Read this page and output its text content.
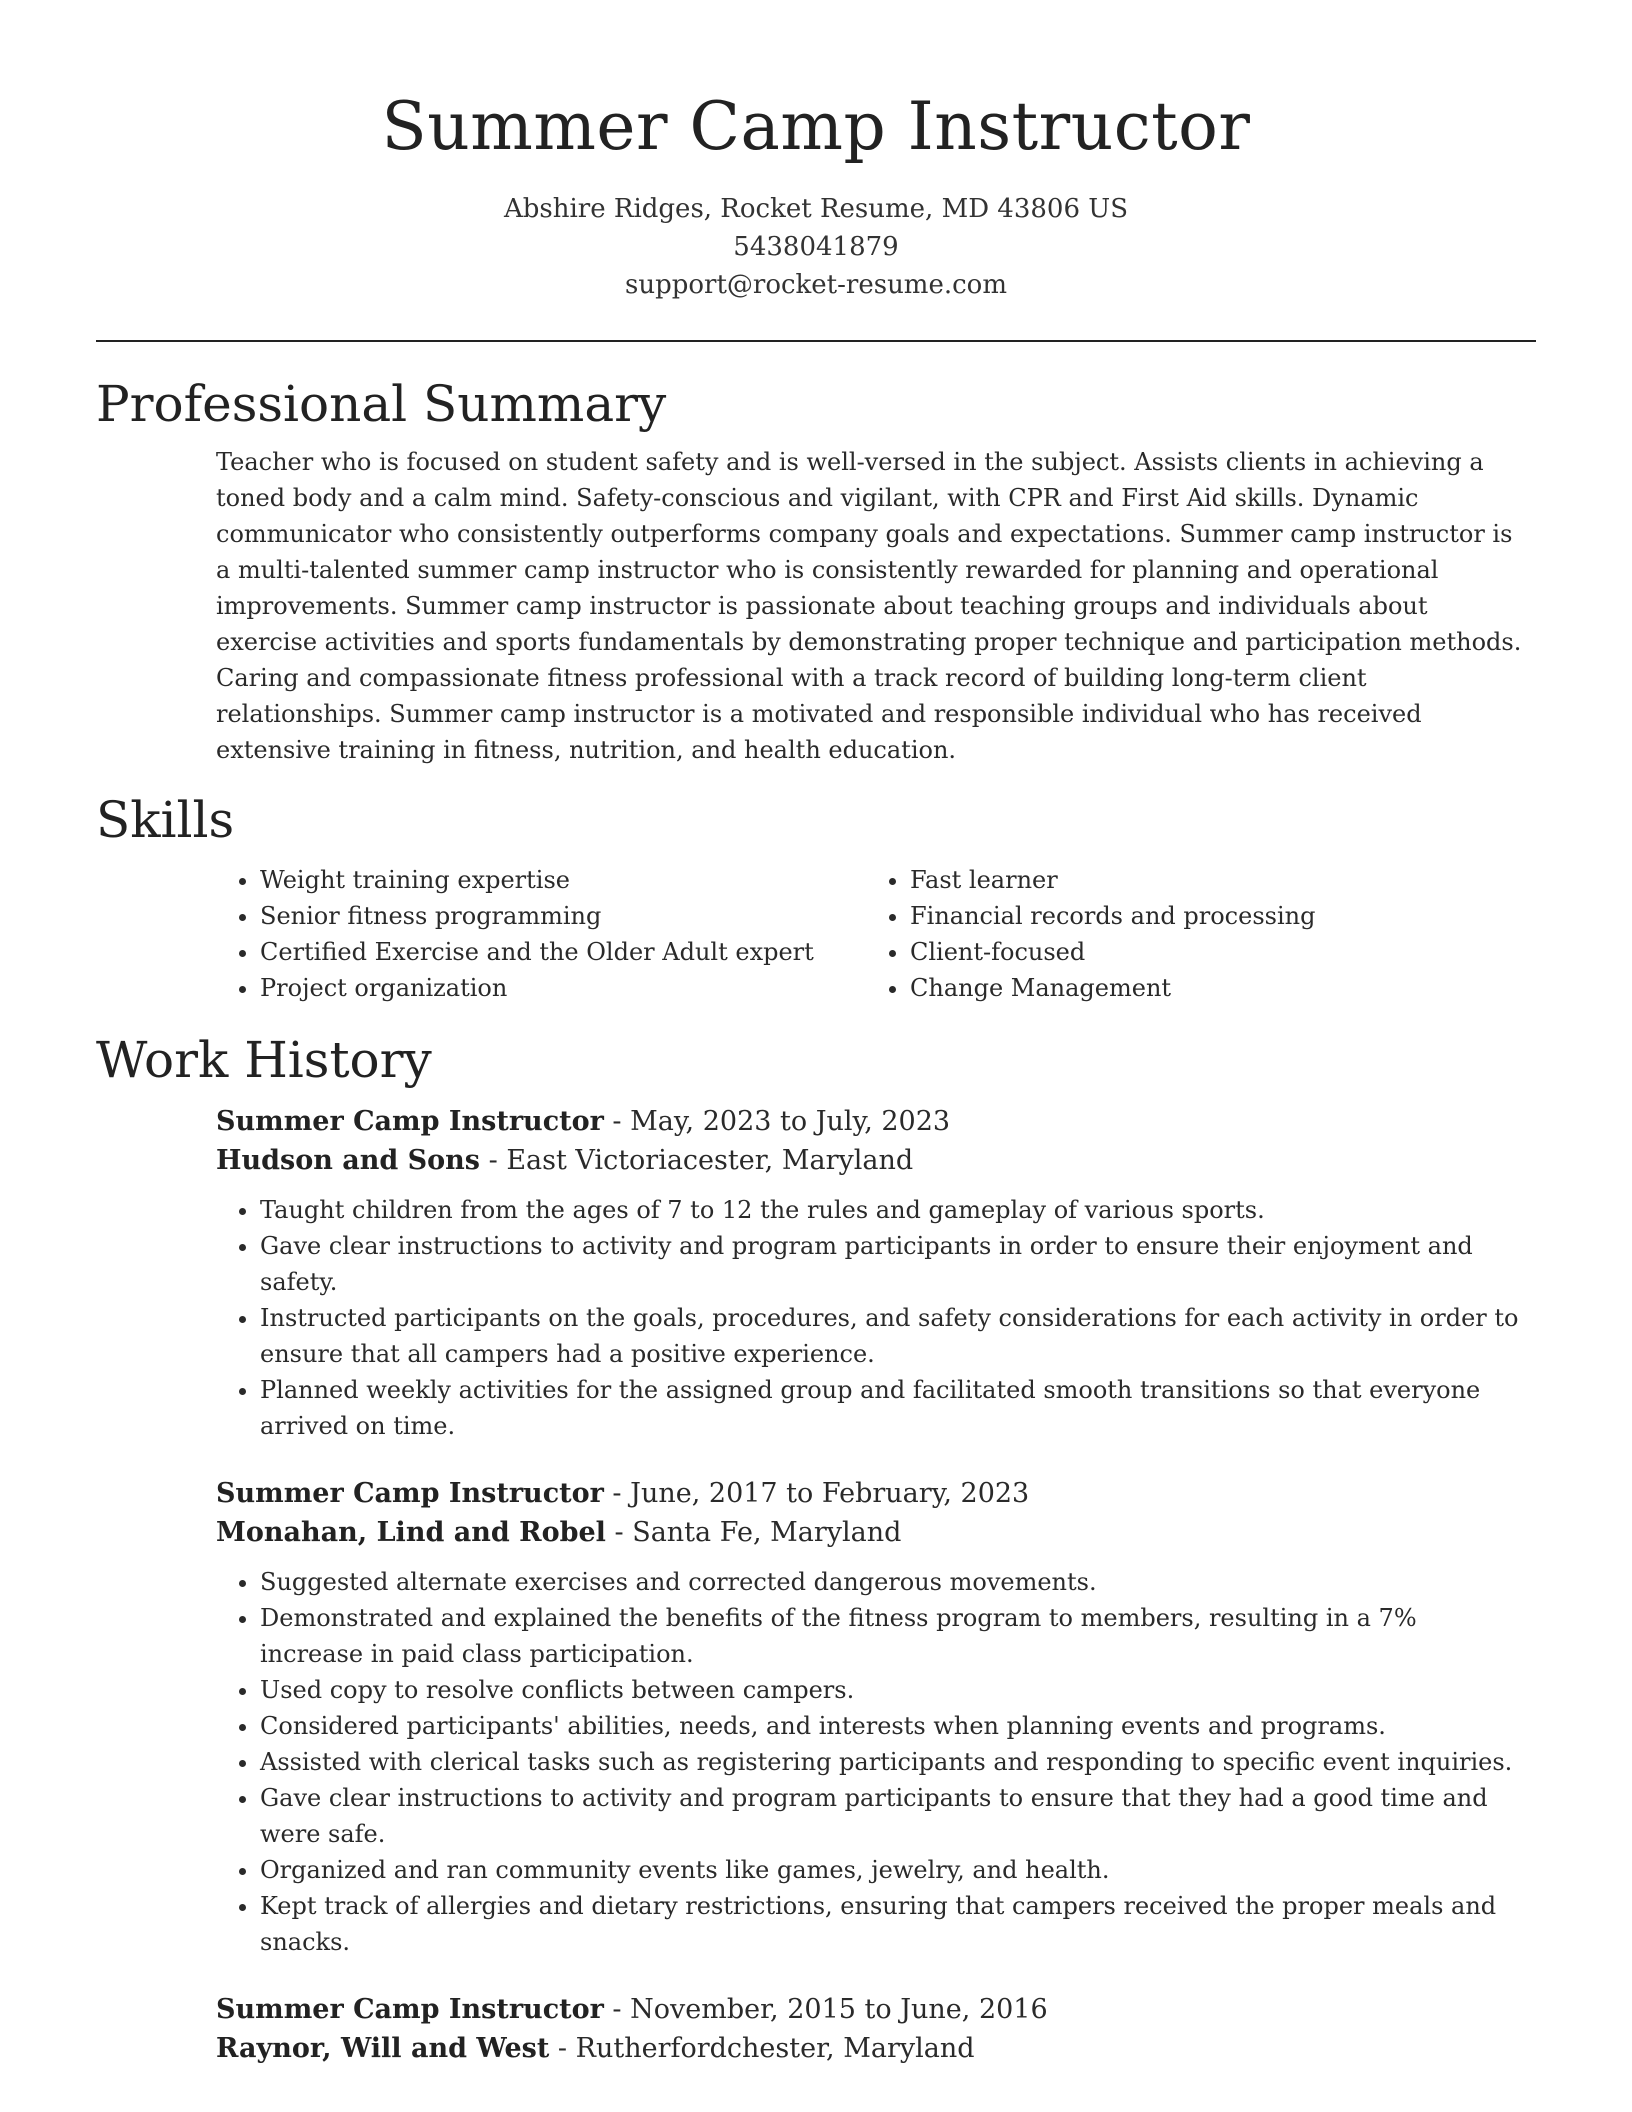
Summer Camp Instructor
Abshire Ridges, Rocket Resume, MD 43806 US
5438041879
support@rocket-resume.com
Professional Summary

Teacher who is focused on student safety and is well-versed in the subject. Assists clients in achieving a toned body and a calm mind. Safety-conscious and vigilant, with CPR and First Aid skills. Dynamic communicator who consistently outperforms company goals and expectations. Summer camp instructor is a multi-talented summer camp instructor who is consistently rewarded for planning and operational improvements. Summer camp instructor is passionate about teaching groups and individuals about exercise activities and sports fundamentals by demonstrating proper technique and participation methods. Caring and compassionate fitness professional with a track record of building long-term client relationships. Summer camp instructor is a motivated and responsible individual who has received extensive training in fitness, nutrition, and health education.

Skills
• Weight training expertise
• Senior fitness programming
• Certified Exercise and the Older Adult expert
• Project organization
• Fast learner
• Financial records and processing
• Client-focused
• Change Management
Work History
Summer Camp Instructor - May, 2023 to July, 2023
Hudson and Sons - East Victoriacester, Maryland
• Taught children from the ages of 7 to 12 the rules and gameplay of various sports.
• Gave clear instructions to activity and program participants in order to ensure their enjoyment and safety.
• Instructed participants on the goals, procedures, and safety considerations for each activity in order to ensure that all campers had a positive experience.
• Planned weekly activities for the assigned group and facilitated smooth transitions so that everyone arrived on time.
Summer Camp Instructor - June, 2017 to February, 2023
Monahan, Lind and Robel - Santa Fe, Maryland
• Suggested alternate exercises and corrected dangerous movements.
• Demonstrated and explained the benefits of the fitness program to members, resulting in a 7% increase in paid class participation.
• Used copy to resolve conflicts between campers.
• Considered participants' abilities, needs, and interests when planning events and programs.
• Assisted with clerical tasks such as registering participants and responding to specific event inquiries.
• Gave clear instructions to activity and program participants to ensure that they had a good time and were safe.
• Organized and ran community events like games, jewelry, and health.
• Kept track of allergies and dietary restrictions, ensuring that campers received the proper meals and snacks.
Summer Camp Instructor - November, 2015 to June, 2016
Raynor, Will and West - Rutherfordchester, Maryland
